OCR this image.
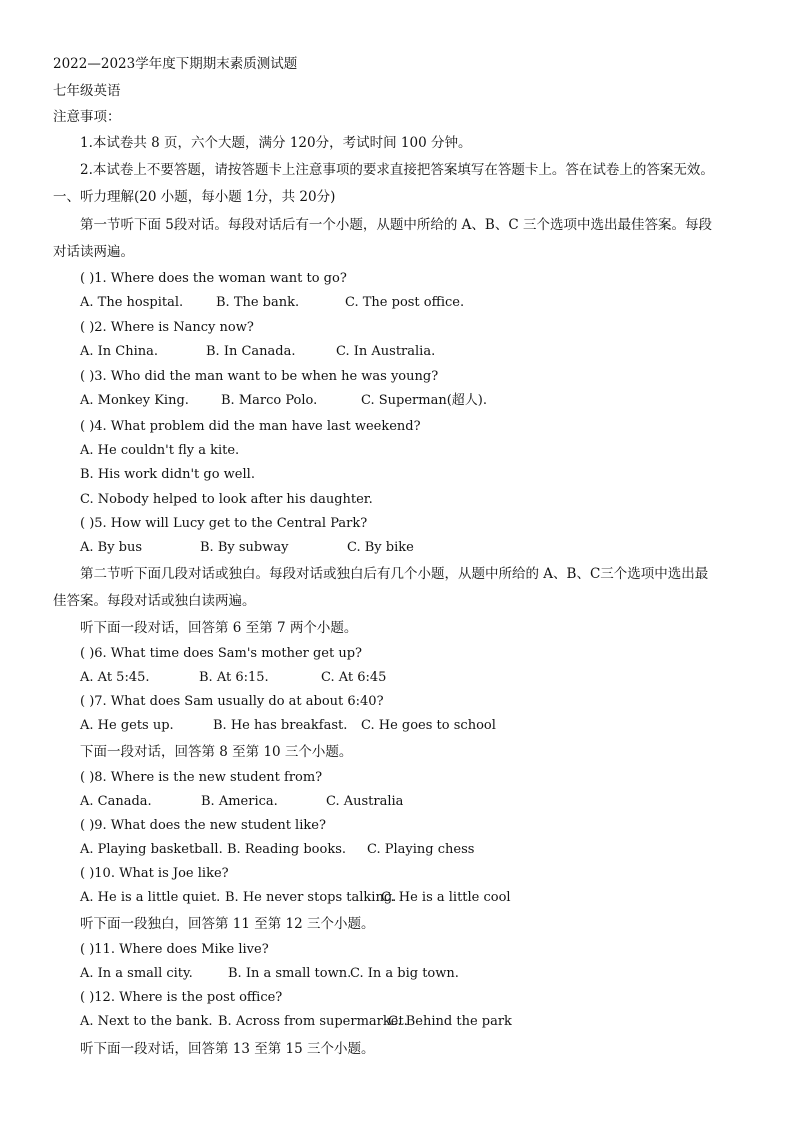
2022—2023学年度下期期末素质测试题
七年级英语
注意事项：
1.本试卷共 8 页，六个大题，满分 120分，考试时间 100 分钟。
2.本试卷上不要答题，请按答题卡上注意事项的要求直接把答案填写在答题卡上。答在试卷上的答案无效。
一、听力理解(20 小题，每小题 1分，共 20分)
第一节听下面 5段对话。每段对话后有一个小题，从题中所给的 A、B、C 三个选项中选出最佳答案。每段
对话读两遍。
( )1. Where does the woman want to go?
A. The hospital.	B. The bank.	C. The post office.
( )2. Where is Nancy now?
A. In China.	B. In Canada.	C. In Australia.
( )3. Who did the man want to be when he was young?
A. Monkey King. B. Marco Polo.	C. Superman(超人).
( )4. What problem did the man have last weekend?
A. He couldn't fly a kite.
B. His work didn't go well.
C. Nobody helped to look after his daughter.
( )5. How will Lucy get to the Central Park?
A. By bus	B. By subway	C. By bike
第二节听下面几段对话或独白。每段对话或独白后有几个小题，从题中所给的 A、B、C三个选项中选出最
佳答案。每段对话或独白读两遍。
听下面一段对话，回答第 6 至第 7 两个小题。
( )6. What time does Sam's mother get up?
A. At 5:45.	B. At 6:15.	C. At 6:45
( )7. What does Sam usually do at about 6:40?
A. He gets up.	B. He has breakfast. C. He goes to school
下面一段对话，回答第 8 至第 10 三个小题。
( )8. Where is the new student from?
A. Canada.	B. America.	C. Australia
( )9. What does the new student like?
A. Playing basketball. B. Reading books. C. Playing chess
( )10. What is Joe like?
A. He is a little quiet. B. He never stops talking.C. He is a little cool
听下面一段独白，回答第 11 至第 12 三个小题。
( )11. Where does Mike live?
A. In a small city.	B. In a small town.C. In a big town.
( )12. Where is the post office?
A. Next to the bank. B. Across from supermarket.C. Behind the park
听下面一段对话，回答第 13 至第 15 三个小题。
